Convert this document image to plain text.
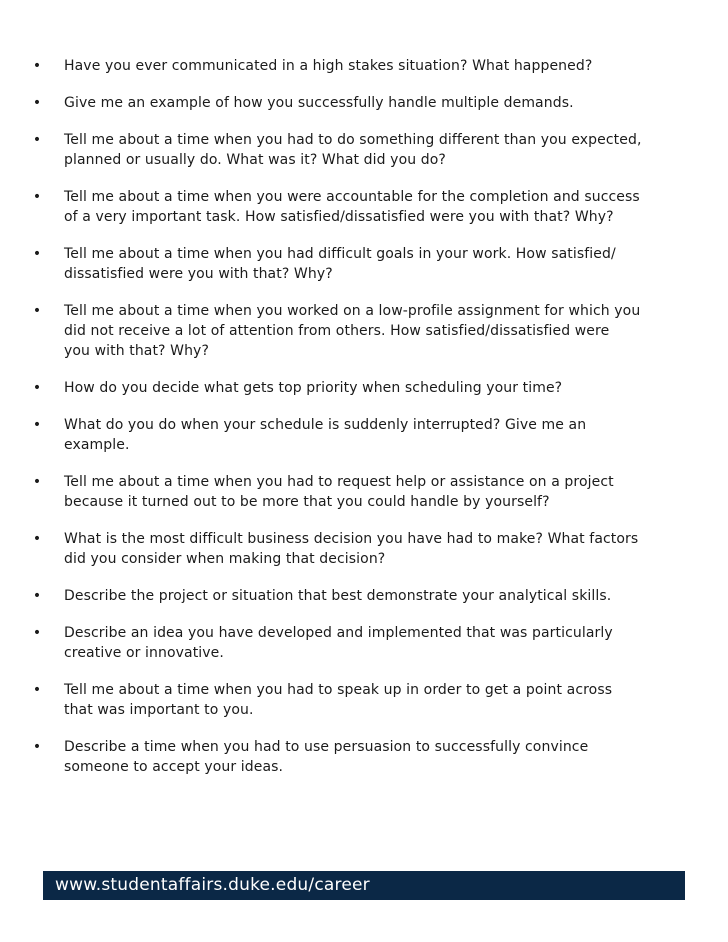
• Have you ever communicated in a high stakes situation? What happened?
• Give me an example of how you successfully handle multiple demands.
• Tell me about a time when you had to do something different than you expected,
planned or usually do. What was it? What did you do?
• Tell me about a time when you were accountable for the completion and success
of a very important task. How satisfied/dissatisfied were you with that? Why?
• Tell me about a time when you had difficult goals in your work. How satisfied/
dissatisfied were you with that? Why?
• Tell me about a time when you worked on a low-profile assignment for which you
did not receive a lot of attention from others. How satisfied/dissatisfied were
you with that? Why?
• How do you decide what gets top priority when scheduling your time?
• What do you do when your schedule is suddenly interrupted? Give me an
example.
• Tell me about a time when you had to request help or assistance on a project
because it turned out to be more that you could handle by yourself?
• What is the most difficult business decision you have had to make? What factors
did you consider when making that decision?
• Describe the project or situation that best demonstrate your analytical skills.
• Describe an idea you have developed and implemented that was particularly
creative or innovative.
• Tell me about a time when you had to speak up in order to get a point across
that was important to you.
• Describe a time when you had to use persuasion to successfully convince
someone to accept your ideas.
www.studentaffairs.duke.edu/career
